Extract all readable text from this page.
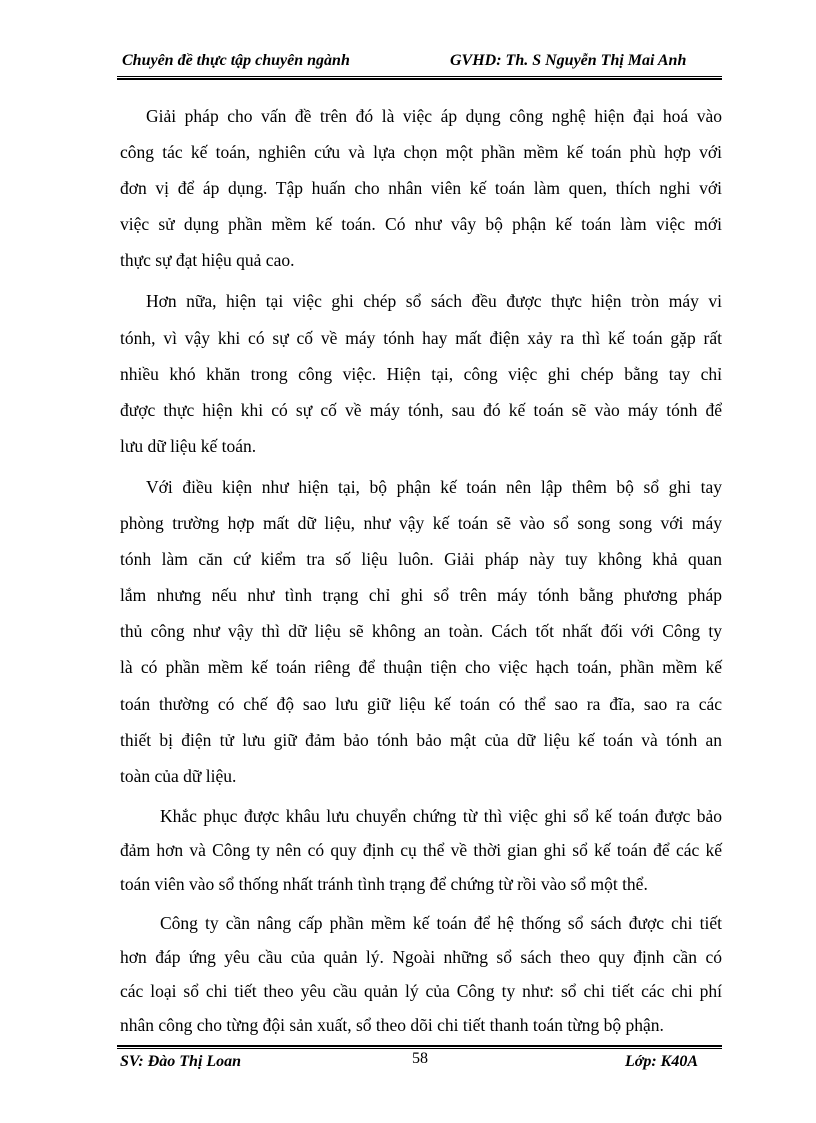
Chuyên đề thực tập chuyên ngành	GVHD: Th. S Nguyễn Thị Mai Anh
Giải pháp cho vấn đề trên đó là việc áp dụng công nghệ hiện đại hoá vào
công tác kế toán, nghiên cứu và lựa chọn một phần mềm kế toán phù hợp với
đơn vị để áp dụng. Tập huấn cho nhân viên kế toán làm quen, thích nghi với
việc sử dụng phần mềm kế toán. Có như vây bộ phận kế toán làm việc mới
thực sự đạt hiệu quả cao.
Hơn nữa, hiện tại việc ghi chép sổ sách đều được thực hiện tròn máy vi
tónh, vì vậy khi có sự cố về máy tónh hay mất điện xảy ra thì kế toán gặp rất
nhiều khó khăn trong công việc. Hiện tại, công việc ghi chép bằng tay chỉ
được thực hiện khi có sự cố về máy tónh, sau đó kế toán sẽ vào máy tónh để
lưu dữ liệu kế toán.
Với điều kiện như hiện tại, bộ phận kế toán nên lập thêm bộ sổ ghi tay
phòng trường hợp mất dữ liệu, như vậy kế toán sẽ vào sổ song song với máy
tónh làm căn cứ kiểm tra số liệu luôn. Giải pháp này tuy không khả quan
lắm nhưng nếu như tình trạng chỉ ghi sổ trên máy tónh bằng phương pháp
thủ công như vậy thì dữ liệu sẽ không an toàn. Cách tốt nhất đối với Công ty
là có phần mềm kế toán riêng để thuận tiện cho việc hạch toán, phần mềm kế
toán thường có chế độ sao lưu giữ liệu kế toán có thể sao ra đĩa, sao ra các
thiết bị điện tử lưu giữ đảm bảo tónh bảo mật của dữ liệu kế toán và tónh an
toàn của dữ liệu.
Khắc phục được khâu lưu chuyển chứng từ thì việc ghi sổ kế toán được bảo
đảm hơn và Công ty nên có quy định cụ thể về thời gian ghi sổ kế toán để các kế
toán viên vào sổ thống nhất tránh tình trạng để chứng từ rồi vào sổ một thể.
Công ty cần nâng cấp phần mềm kế toán để hệ thống sổ sách được chi tiết
hơn đáp ứng yêu cầu của quản lý. Ngoài những sổ sách theo quy định cần có
các loại sổ chi tiết theo yêu cầu quản lý của Công ty như: sổ chi tiết các chi phí
nhân công cho từng đội sản xuất, sổ theo dõi chi tiết thanh toán từng bộ phận.
SV: Đào Thị Loan	58	Lớp: K40A
